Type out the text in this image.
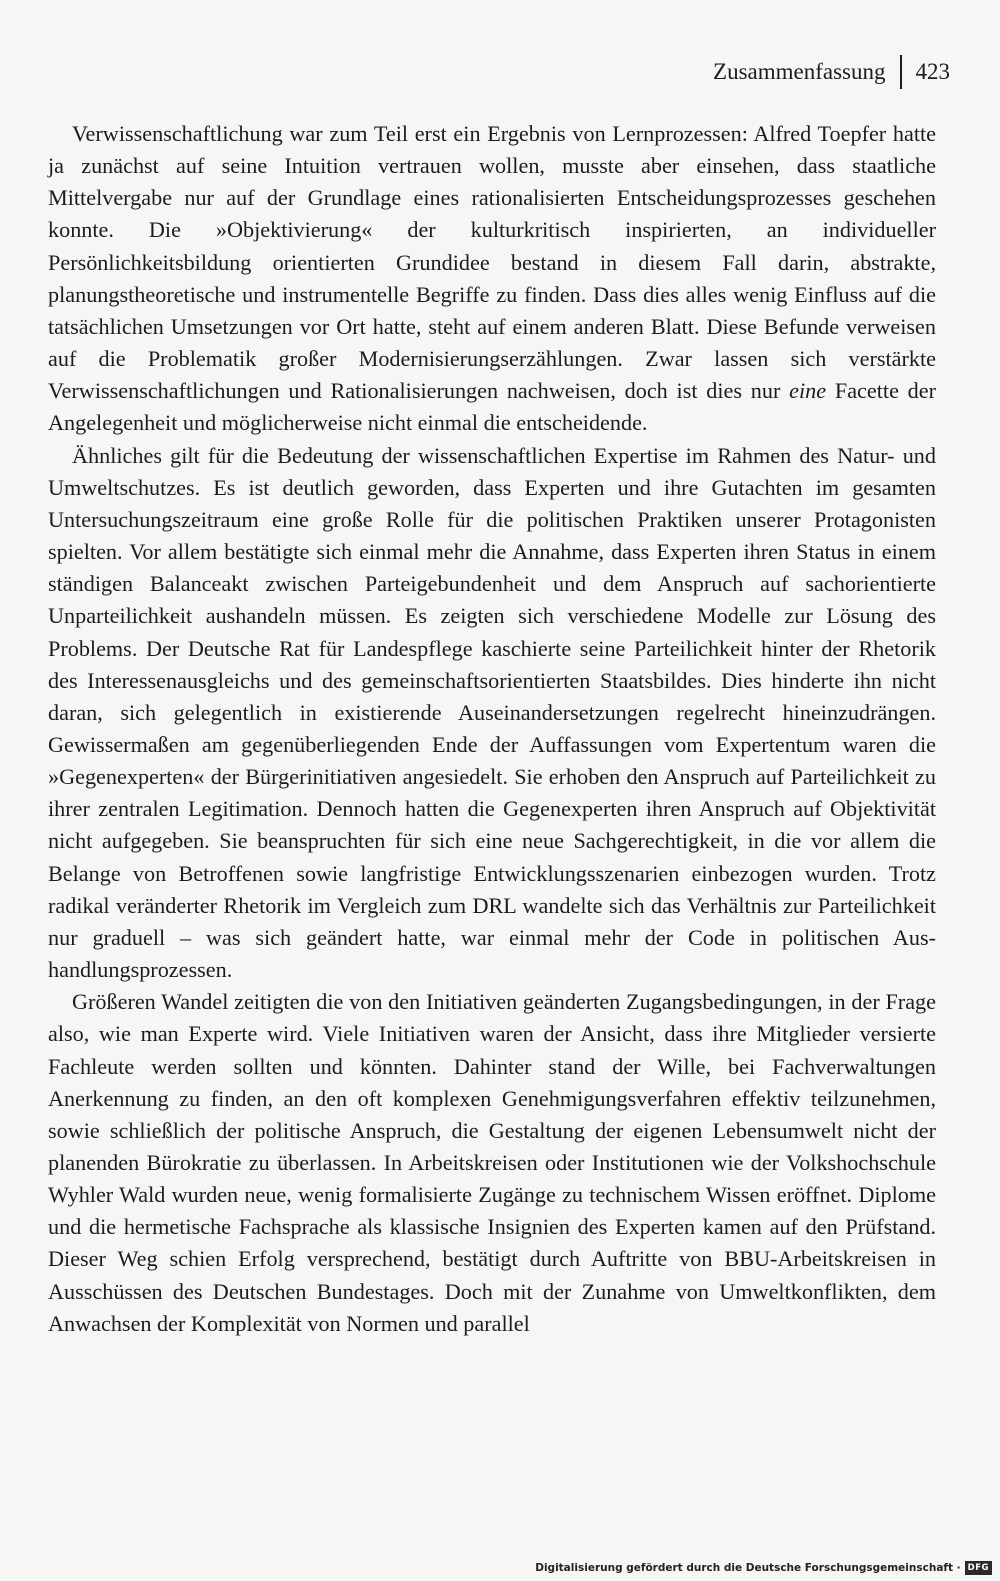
Zusammenfassung	423

Verwissenschaftlichung war zum Teil erst ein Ergebnis von Lernprozessen: Alfred Toepfer hatte ja zunächst auf seine Intuition vertrauen wollen, musste aber einsehen, dass staatliche Mittelvergabe nur auf der Grundlage eines rationalisierten Entscheidungsprozesses geschehen konnte. Die »Objektivierung« der kulturkritisch inspirierten, an individueller Persönlichkeitsbildung orientierten Grundidee bestand in diesem Fall darin, abstrakte, planungstheoretische und instrumentelle Begriffe zu finden. Dass dies alles wenig Einfluss auf die tatsächlichen Umsetzungen vor Ort hatte, steht auf einem anderen Blatt. Diese Befunde verweisen auf die Problematik großer Modernisierungserzählungen. Zwar lassen sich verstärkte Verwissenschaftlichungen und Rationalisierungen nachweisen, doch ist dies nur eine Facette der Angelegenheit und möglicherweise nicht einmal die entscheidende.

Ähnliches gilt für die Bedeutung der wissenschaftlichen Expertise im Rahmen des Natur- und Umweltschutzes. Es ist deutlich geworden, dass Experten und ihre Gutachten im gesamten Untersuchungszeitraum eine große Rolle für die politischen Praktiken unserer Protagonisten spielten. Vor allem bestätigte sich einmal mehr die Annahme, dass Experten ihren Status in einem ständigen Balanceakt zwischen Parteigebundenheit und dem Anspruch auf sachorientierte Unparteilichkeit aushandeln müssen. Es zeigten sich verschiedene Modelle zur Lösung des Problems. Der Deutsche Rat für Landespflege kaschierte seine Parteilichkeit hinter der Rhetorik des Interessenausgleichs und des gemeinschaftsorientierten Staatsbildes. Dies hinderte ihn nicht daran, sich gelegentlich in existierende Auseinandersetzungen regelrecht hineinzudrängen. Gewissermaßen am gegenüberliegenden Ende der Auffassungen vom Expertentum waren die »Gegenexperten« der Bürgerinitiativen angesiedelt. Sie erhoben den Anspruch auf Parteilichkeit zu ihrer zentralen Legitimation. Dennoch hatten die Gegenexperten ihren Anspruch auf Objektivität nicht aufgegeben. Sie beanspruchten für sich eine neue Sachgerechtigkeit, in die vor allem die Belange von Betroffenen sowie langfristige Entwicklungsszenarien einbezogen wurden. Trotz radikal veränderter Rhetorik im Vergleich zum DRL wandelte sich das Verhältnis zur Parteilichkeit nur graduell – was sich geändert hatte, war einmal mehr der Code in politischen Aushandlungsprozessen.

Größeren Wandel zeitigten die von den Initiativen geänderten Zugangsbedingungen, in der Frage also, wie man Experte wird. Viele Initiativen waren der Ansicht, dass ihre Mitglieder versierte Fachleute werden sollten und könnten. Dahinter stand der Wille, bei Fachverwaltungen Anerkennung zu finden, an den oft komplexen Genehmigungsverfahren effektiv teilzunehmen, sowie schließlich der politische Anspruch, die Gestaltung der eigenen Lebensumwelt nicht der planenden Bürokratie zu überlassen. In Arbeitskreisen oder Institutionen wie der Volkshochschule Wyhler Wald wurden neue, wenig formalisierte Zugänge zu technischem Wissen eröffnet. Diplome und die hermetische Fachsprache als klassische Insignien des Experten kamen auf den Prüfstand. Dieser Weg schien Erfolg versprechend, bestätigt durch Auftritte von BBU-Arbeitskreisen in Ausschüssen des Deutschen Bundestages. Doch mit der Zunahme von Umweltkonflikten, dem Anwachsen der Komplexität von Normen und parallel

Digitalisierung gefördert durch die Deutsche Forschungsgemeinschaft · DFG
